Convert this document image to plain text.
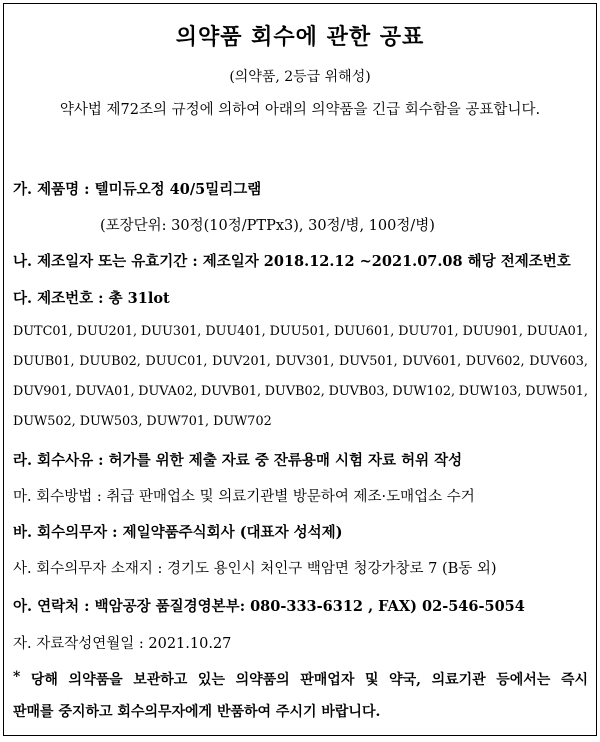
의약품 회수에 관한 공표
(의약품, 2등급 위해성)
약사법 제72조의 규정에 의하여 아래의 의약품을 긴급 회수함을 공표합니다.
가. 제품명 : 텔미듀오정 40/5밀리그램
(포장단위: 30정(10정/PTPx3), 30정/병, 100정/병)
나. 제조일자 또는 유효기간 : 제조일자 2018.12.12 ~2021.07.08 해당 전제조번호
다. 제조번호 : 총 31lot
DUTC01, DUU201, DUU301, DUU401, DUU501, DUU601, DUU701, DUU901, DUUA01,
DUUB01, DUUB02, DUUC01, DUV201, DUV301, DUV501, DUV601, DUV602, DUV603,
DUV901, DUVA01, DUVA02, DUVB01, DUVB02, DUVB03, DUW102, DUW103, DUW501,
DUW502, DUW503, DUW701, DUW702
라. 회수사유 : 허가를 위한 제출 자료 중 잔류용매 시험 자료 허위 작성
마. 회수방법 : 취급 판매업소 및 의료기관별 방문하여 제조·도매업소 수거
바. 회수의무자 : 제일약품주식회사 (대표자 성석제)
사. 회수의무자 소재지 : 경기도 용인시 처인구 백암면 청강가창로 7 (B동 외)
아. 연락처 : 백암공장 품질경영본부: 080-333-6312 , FAX) 02-546-5054
자. 자료작성연월일 : 2021.10.27
* 당해 의약품을 보관하고 있는 의약품의 판매업자 및 약국, 의료기관 등에서는 즉시
판매를 중지하고 회수의무자에게 반품하여 주시기 바랍니다.
